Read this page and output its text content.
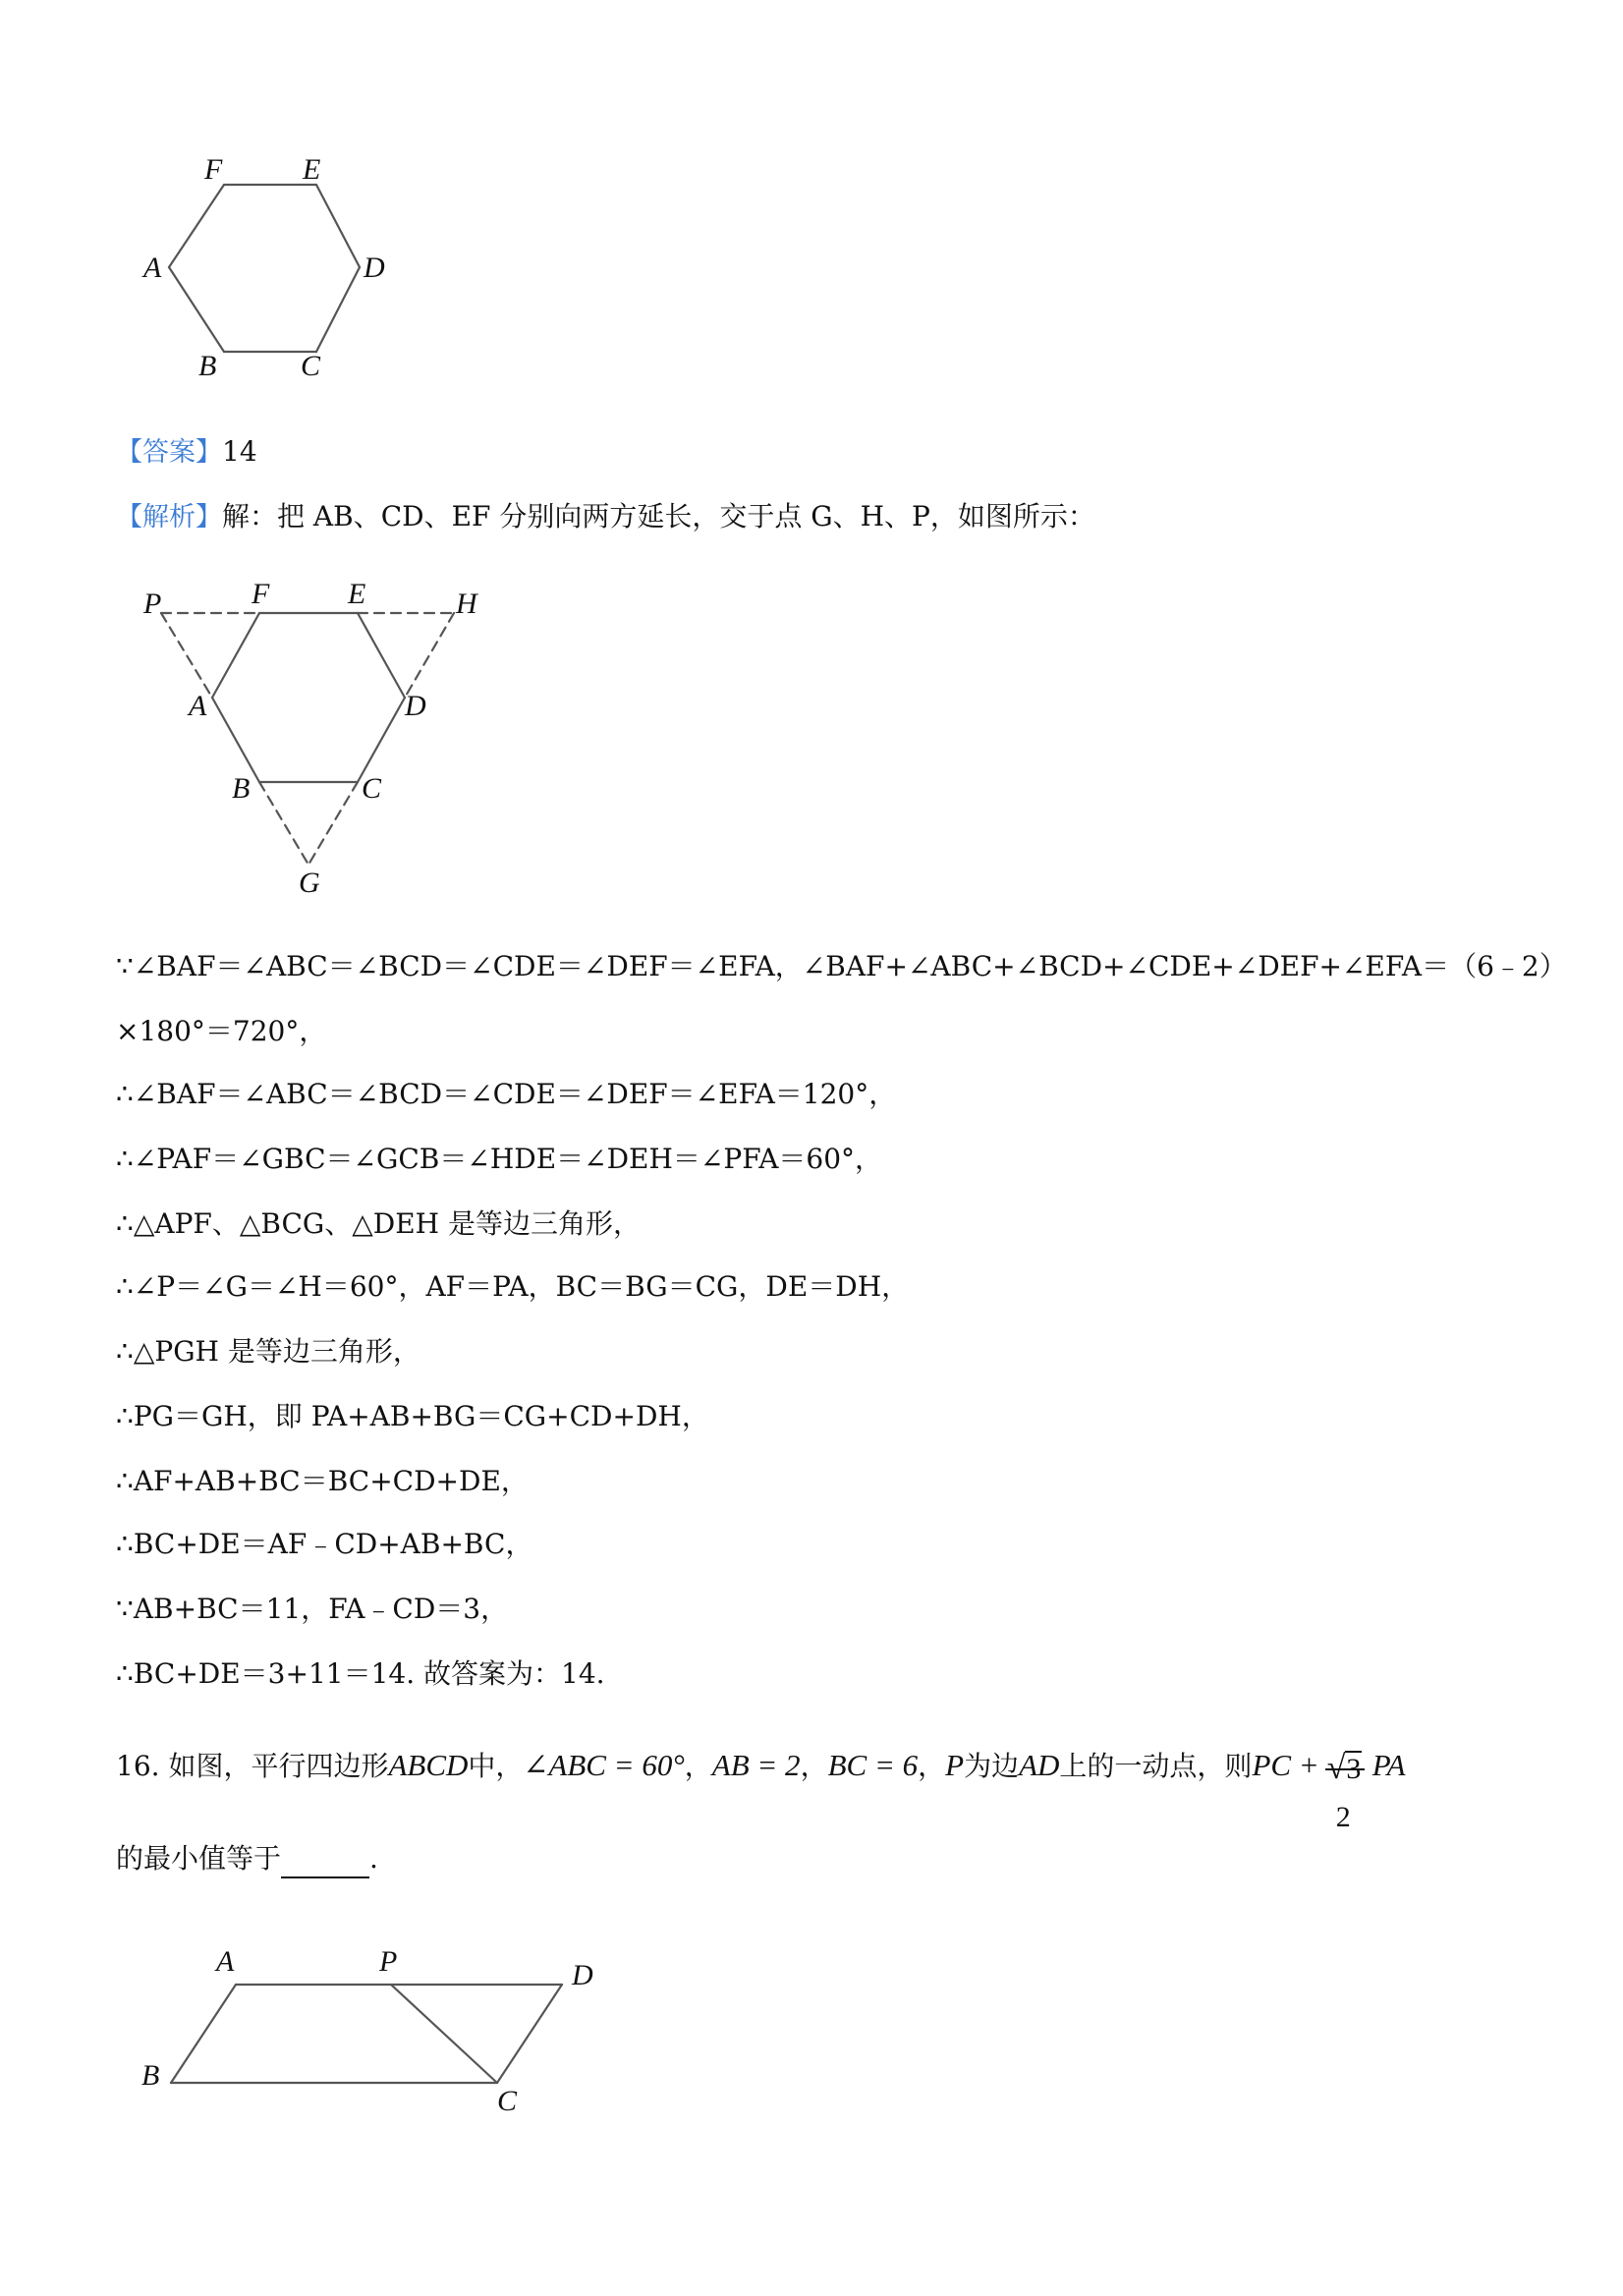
F	E
A	D
B	C
【答案】14
【解析】解：把 AB、CD、EF 分别向两方延长，交于点 G、H、P，如图所示：
P	F	E	H
A	D
B	C
G
∵∠BAF＝∠ABC＝∠BCD＝∠CDE＝∠DEF＝∠EFA，∠BAF+∠ABC+∠BCD+∠CDE+∠DEF+∠EFA＝（6﹣2）
×180°＝720°，
∴∠BAF＝∠ABC＝∠BCD＝∠CDE＝∠DEF＝∠EFA＝120°，
∴∠PAF＝∠GBC＝∠GCB＝∠HDE＝∠DEH＝∠PFA＝60°，
∴△APF、△BCG、△DEH 是等边三角形，
∴∠P＝∠G＝∠H＝60°，AF＝PA，BC＝BG＝CG，DE＝DH，
∴△PGH 是等边三角形，
∴PG＝GH，即 PA+AB+BG＝CG+CD+DH，
∴AF+AB+BC＝BC+CD+DE，
∴BC+DE＝AF﹣CD+AB+BC，
∵AB+BC＝11，FA﹣CD＝3，
∴BC+DE＝3+11＝14. 故答案为：14.
16. 如图，平行四边形ABCD中，∠ABC = 60°，AB = 2，BC = 6，P为边AD上的一动点，则PC + √3
2
PA
的最小值等于	.
A	P	D
B
C
